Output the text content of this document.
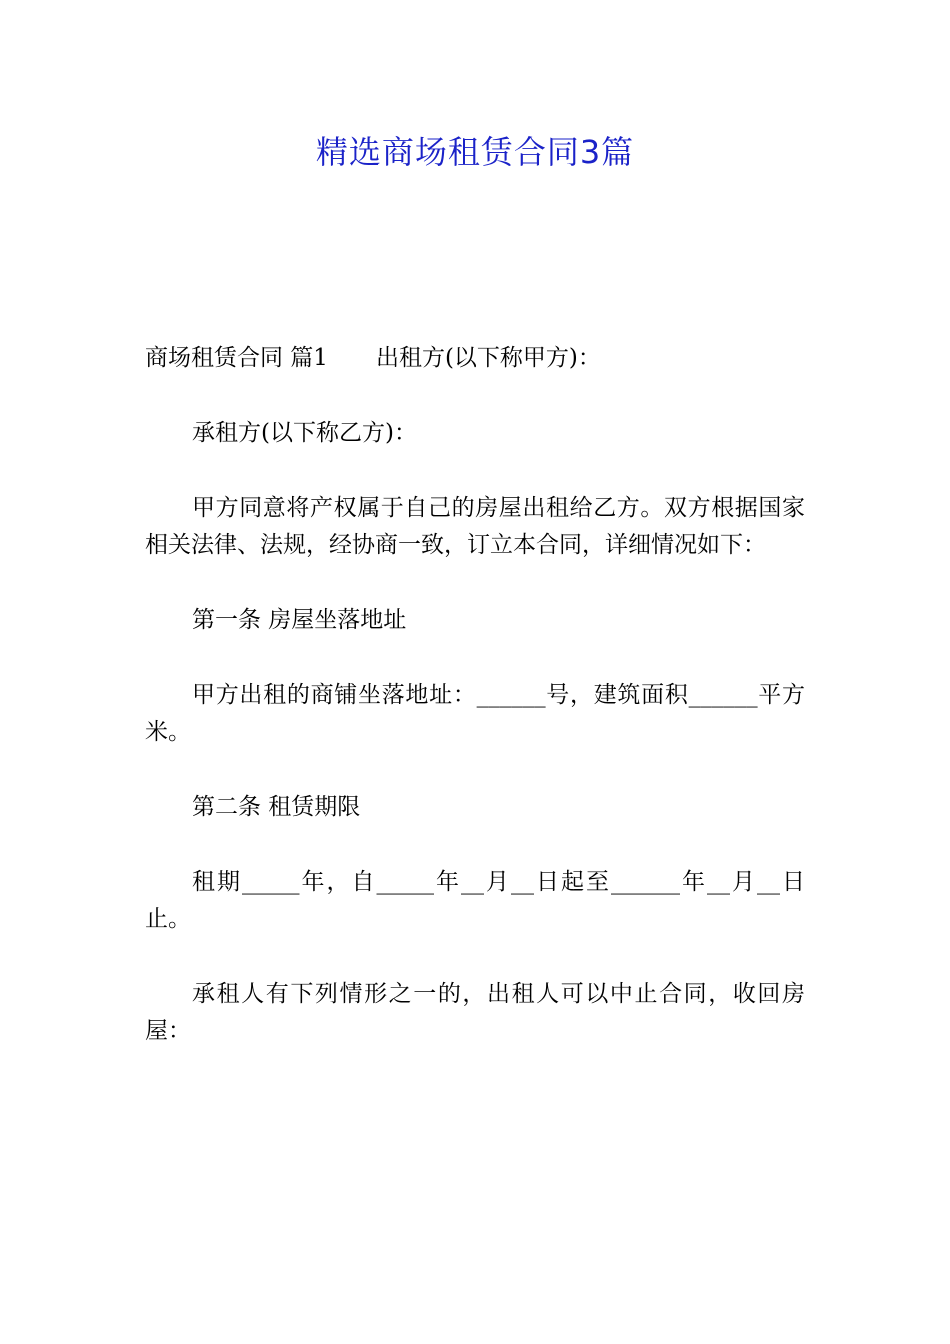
精选商场租赁合同3篇

商场租赁合同 篇1 出租方(以下称甲方)：

承租方(以下称乙方)：

甲方同意将产权属于自己的房屋出租给乙方。双方根据国家相关法律、法规，经协商一致，订立本合同，详细情况如下：

第一条 房屋坐落地址

甲方出租的商铺坐落地址：______号，建筑面积______平方米。

第二条 租赁期限

租期_____年，自_____年__月__日起至______年__月__日止。

承租人有下列情形之一的，出租人可以中止合同，收回房屋：
